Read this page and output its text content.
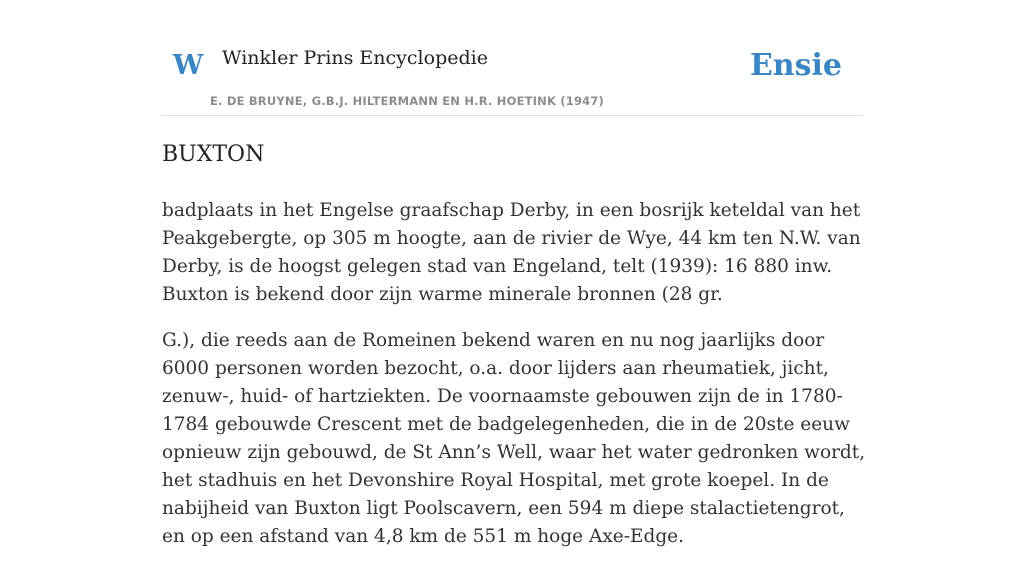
W Winkler Prins Encyclopedie
E. DE BRUYNE, G.B.J. HILTERMANN EN H.R. HOETINK (1947)
Ensie
BUXTON

badplaats in het Engelse graafschap Derby, in een bosrijk keteldal van het Peakgebergte, op 305 m hoogte, aan de rivier de Wye, 44 km ten N.W. van Derby, is de hoogst gelegen stad van Engeland, telt (1939): 16 880 inw. Buxton is bekend door zijn warme minerale bronnen (28 gr.

G.), die reeds aan de Romeinen bekend waren en nu nog jaarlijks door 6000 personen worden bezocht, o.a. door lijders aan rheumatiek, jicht, zenuw-, huid- of hartziekten. De voornaamste gebouwen zijn de in 1780-1784 gebouwde Crescent met de badgelegenheden, die in de 20ste eeuw opnieuw zijn gebouwd, de St Ann’s Well, waar het water gedronken wordt, het stadhuis en het Devonshire Royal Hospital, met grote koepel. In de nabijheid van Buxton ligt Poolscavern, een 594 m diepe stalactietengrot, en op een afstand van 4,8 km de 551 m hoge Axe-Edge.
